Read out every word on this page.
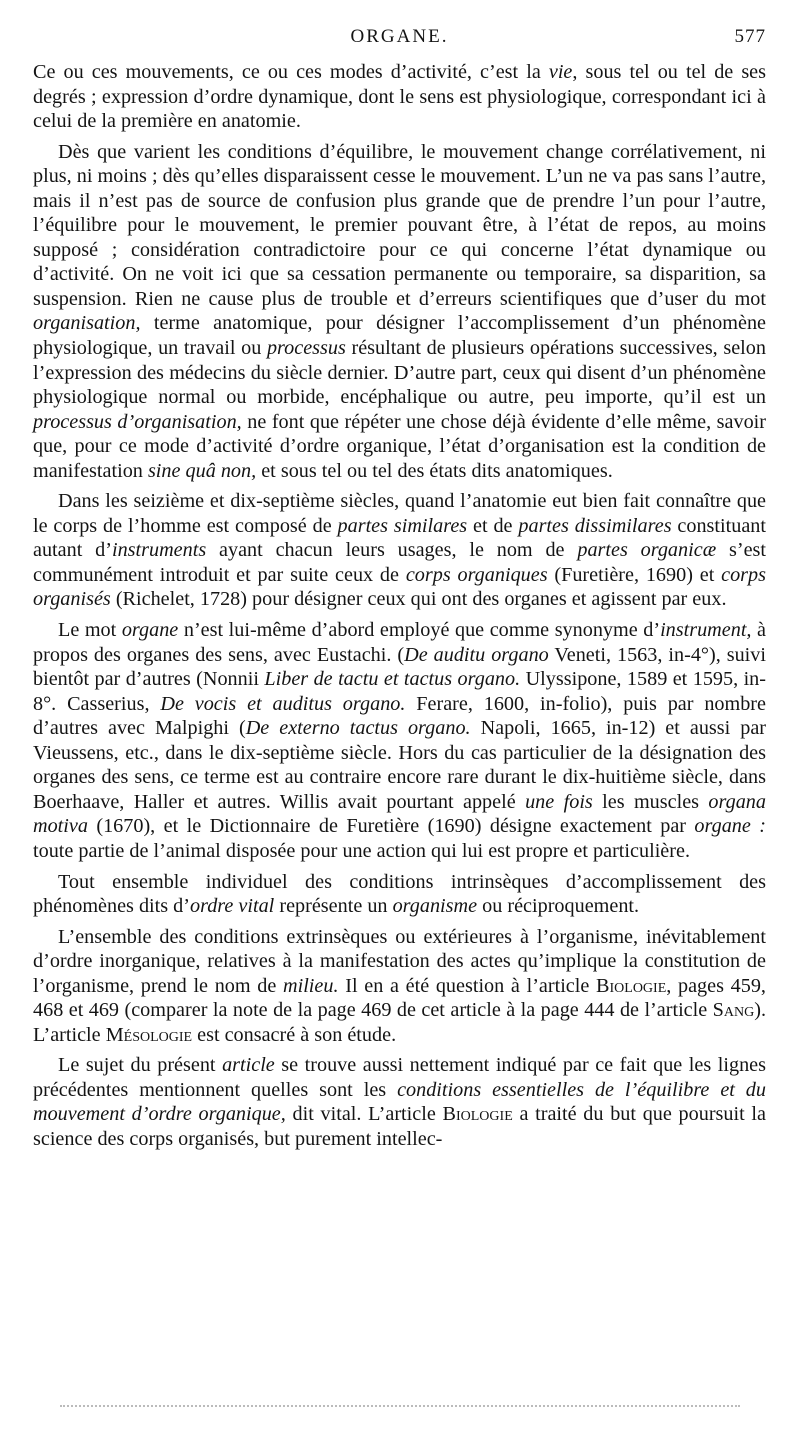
ORGANE.	577

Ce ou ces mouvements, ce ou ces modes d’activité, c’est la vie, sous tel ou tel de ses degrés ; expression d’ordre dynamique, dont le sens est physiologique, correspondant ici à celui de la première en anatomie.

Dès que varient les conditions d’équilibre, le mouvement change corrélativement, ni plus, ni moins ; dès qu’elles disparaissent cesse le mouvement. L’un ne va pas sans l’autre, mais il n’est pas de source de confusion plus grande que de prendre l’un pour l’autre, l’équilibre pour le mouvement, le premier pouvant être, à l’état de repos, au moins supposé ; considération contradictoire pour ce qui concerne l’état dynamique ou d’activité. On ne voit ici que sa cessation permanente ou temporaire, sa disparition, sa suspension. Rien ne cause plus de trouble et d’erreurs scientifiques que d’user du mot organisation, terme anatomique, pour désigner l’accomplissement d’un phénomène physiologique, un travail ou processus résultant de plusieurs opérations successives, selon l’expression des médecins du siècle dernier. D’autre part, ceux qui disent d’un phénomène physiologique normal ou morbide, encéphalique ou autre, peu importe, qu’il est un processus d’organisation, ne font que répéter une chose déjà évidente d’elle même, savoir que, pour ce mode d’activité d’ordre organique, l’état d’organisation est la condition de manifestation sine quâ non, et sous tel ou tel des états dits anatomiques.

Dans les seizième et dix-septième siècles, quand l’anatomie eut bien fait connaître que le corps de l’homme est composé de partes similares et de partes dissimilares constituant autant d’instruments ayant chacun leurs usages, le nom de partes organicæ s’est communément introduit et par suite ceux de corps organiques (Furetière, 1690) et corps organisés (Richelet, 1728) pour désigner ceux qui ont des organes et agissent par eux.

Le mot organe n’est lui-même d’abord employé que comme synonyme d’instrument, à propos des organes des sens, avec Eustachi. (De auditu organo Veneti, 1563, in-4°), suivi bientôt par d’autres (Nonnii Liber de tactu et tactus organo. Ulyssipone, 1589 et 1595, in-8°. Casserius, De vocis et auditus organo. Ferare, 1600, in-folio), puis par nombre d’autres avec Malpighi (De externo tactus organo. Napoli, 1665, in-12) et aussi par Vieussens, etc., dans le dix-septième siècle. Hors du cas particulier de la désignation des organes des sens, ce terme est au contraire encore rare durant le dix-huitième siècle, dans Boerhaave, Haller et autres. Willis avait pourtant appelé une fois les muscles organa motiva (1670), et le Dictionnaire de Furetière (1690) désigne exactement par organe : toute partie de l’animal disposée pour une action qui lui est propre et particulière.

Tout ensemble individuel des conditions intrinsèques d’accomplissement des phénomènes dits d’ordre vital représente un organisme ou réciproquement.

L’ensemble des conditions extrinsèques ou extérieures à l’organisme, inévitablement d’ordre inorganique, relatives à la manifestation des actes qu’implique la constitution de l’organisme, prend le nom de milieu. Il en a été question à l’article Biologie, pages 459, 468 et 469 (comparer la note de la page 469 de cet article à la page 444 de l’article Sang). L’article Mésologie est consacré à son étude.

Le sujet du présent article se trouve aussi nettement indiqué par ce fait que les lignes précédentes mentionnent quelles sont les conditions essentielles de l’équilibre et du mouvement d’ordre organique, dit vital. L’article Biologie a traité du but que poursuit la science des corps organisés, but purement intellec-
